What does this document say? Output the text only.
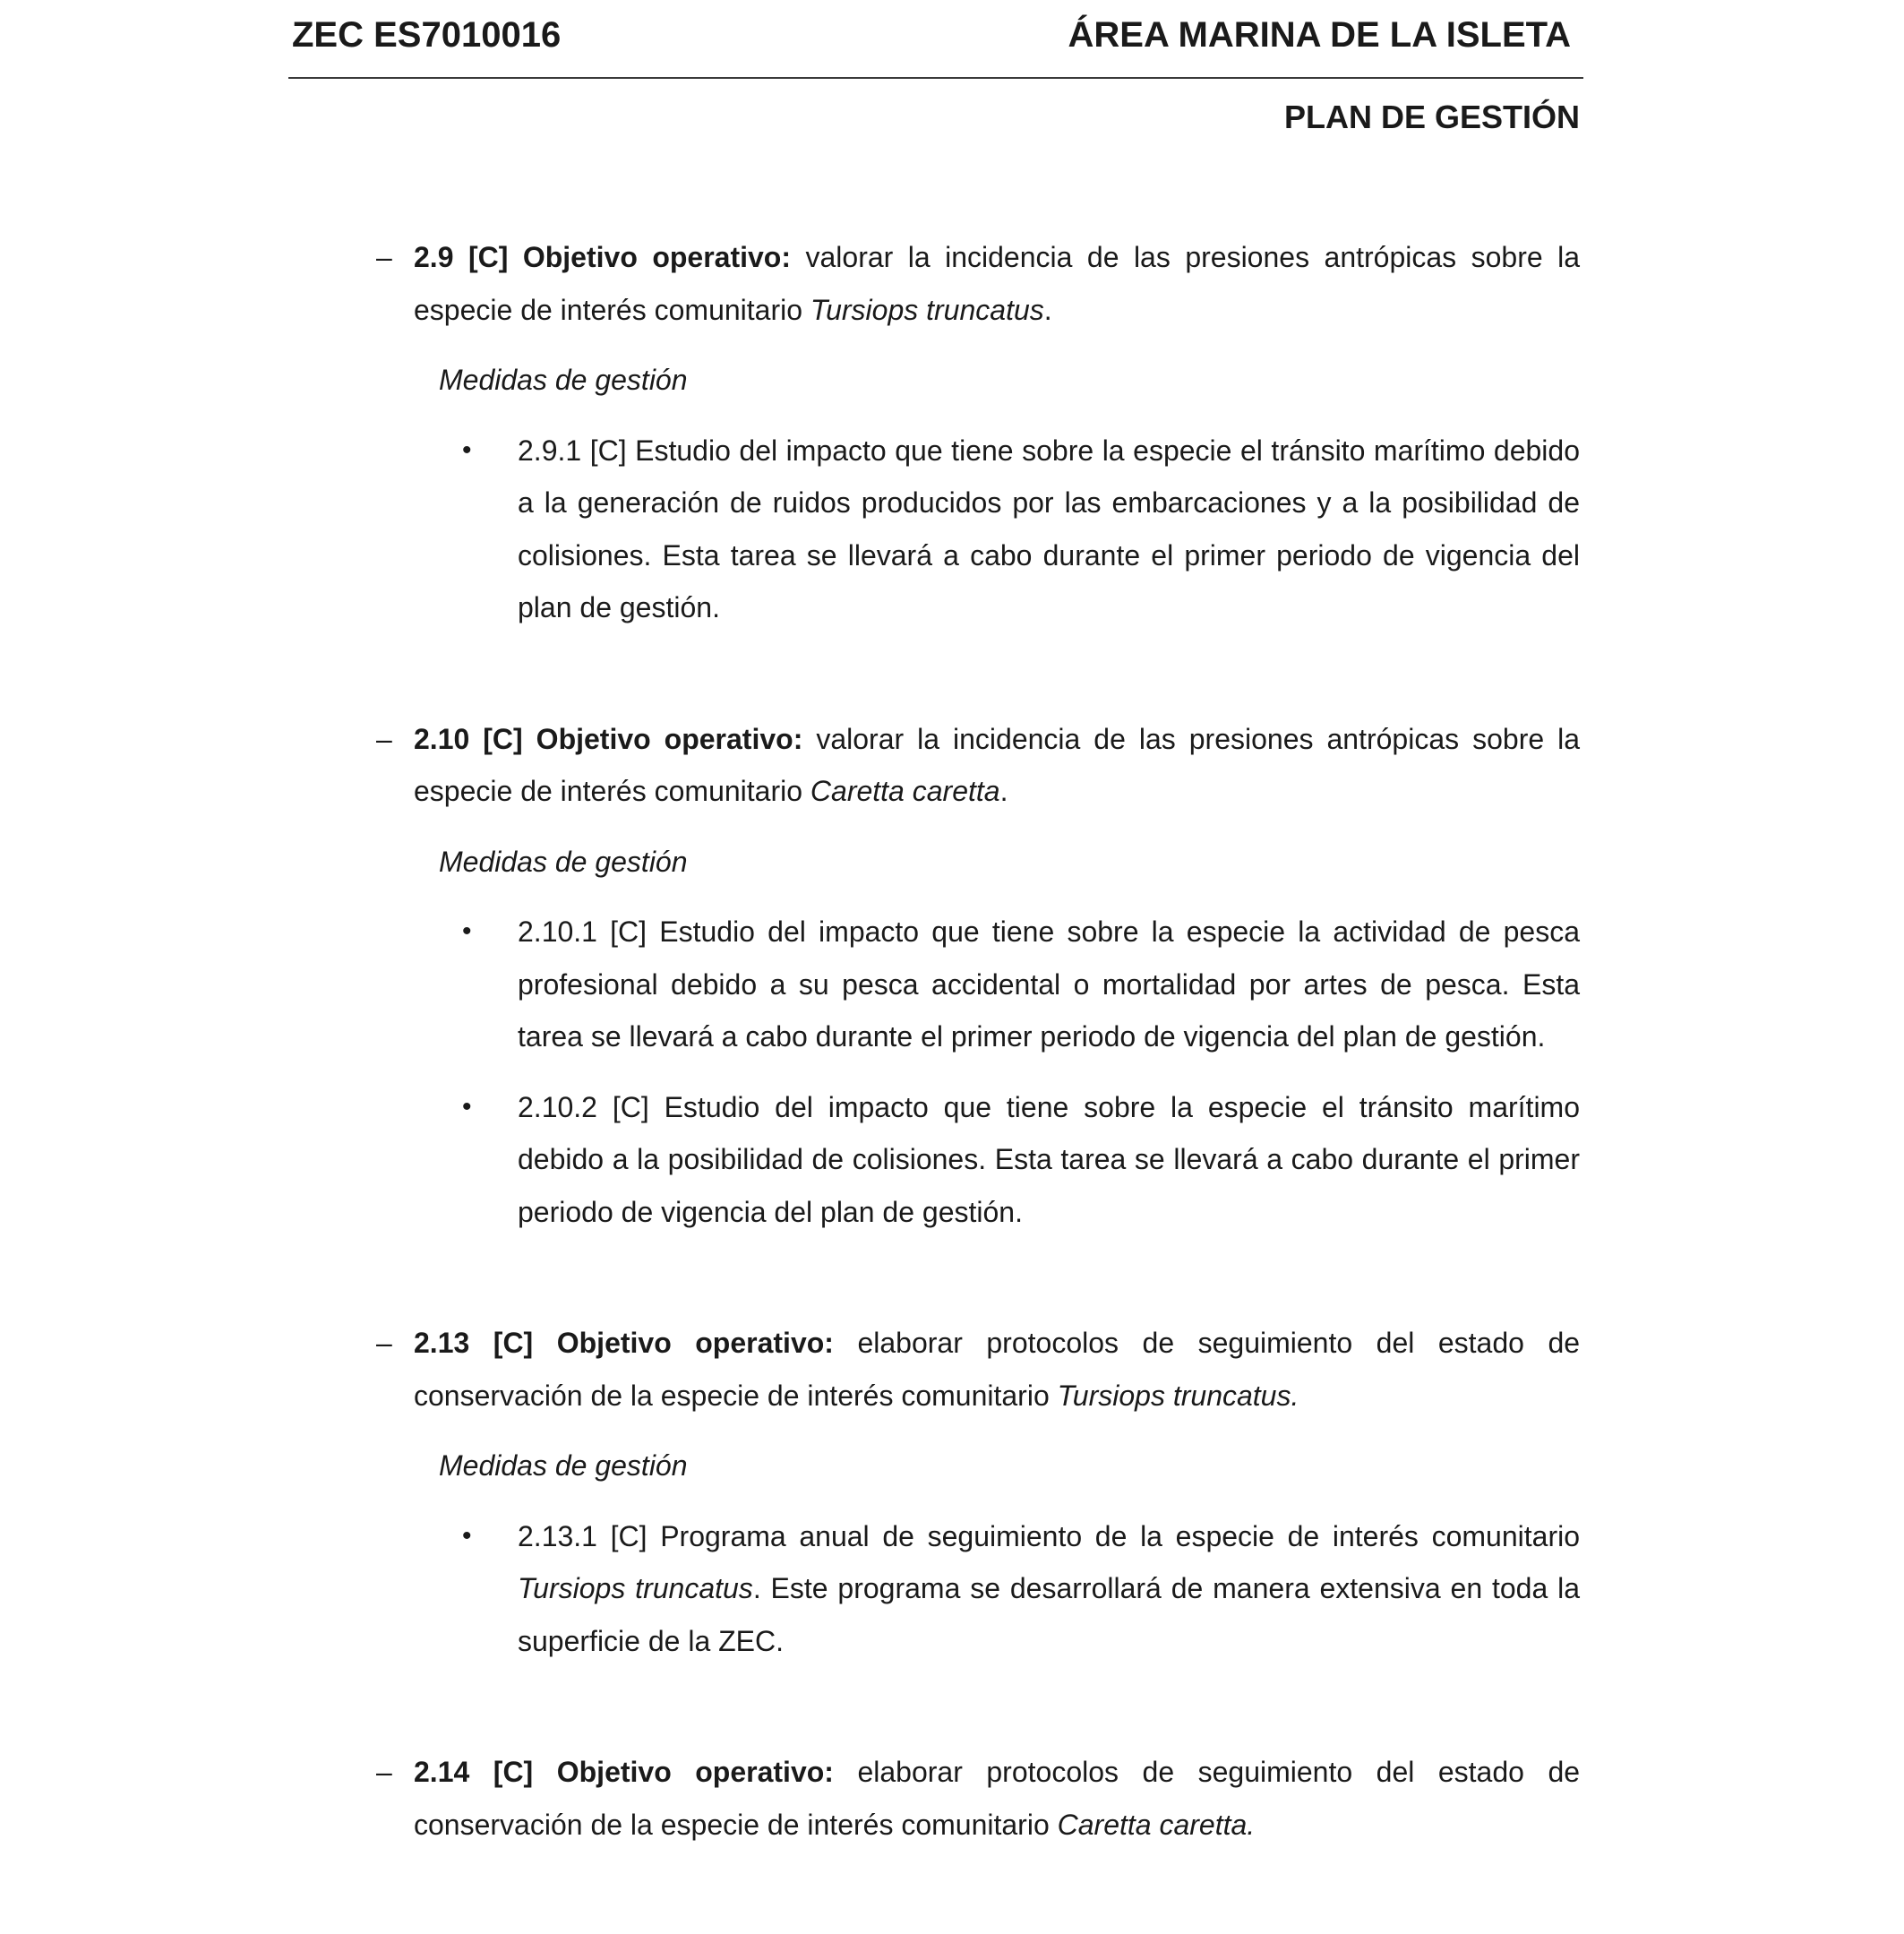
ZEC ES7010016	ÁREA MARINA DE LA ISLETA
PLAN DE GESTIÓN

– 2.9 [C] Objetivo operativo: valorar la incidencia de las presiones antrópicas sobre la especie de interés comunitario Tursiops truncatus.

Medidas de gestión
• 2.9.1 [C] Estudio del impacto que tiene sobre la especie el tránsito marítimo debido a la generación de ruidos producidos por las embarcaciones y a la posibilidad de colisiones. Esta tarea se llevará a cabo durante el primer periodo de vigencia del plan de gestión.

– 2.10 [C] Objetivo operativo: valorar la incidencia de las presiones antrópicas sobre la especie de interés comunitario Caretta caretta.

Medidas de gestión
• 2.10.1 [C] Estudio del impacto que tiene sobre la especie la actividad de pesca profesional debido a su pesca accidental o mortalidad por artes de pesca. Esta tarea se llevará a cabo durante el primer periodo de vigencia del plan de gestión.
• 2.10.2 [C] Estudio del impacto que tiene sobre la especie el tránsito marítimo debido a la posibilidad de colisiones. Esta tarea se llevará a cabo durante el primer periodo de vigencia del plan de gestión.

– 2.13 [C] Objetivo operativo: elaborar protocolos de seguimiento del estado de conservación de la especie de interés comunitario Tursiops truncatus.

Medidas de gestión
• 2.13.1 [C] Programa anual de seguimiento de la especie de interés comunitario Tursiops truncatus. Este programa se desarrollará de manera extensiva en toda la superficie de la ZEC.

– 2.14 [C] Objetivo operativo: elaborar protocolos de seguimiento del estado de conservación de la especie de interés comunitario Caretta caretta.
